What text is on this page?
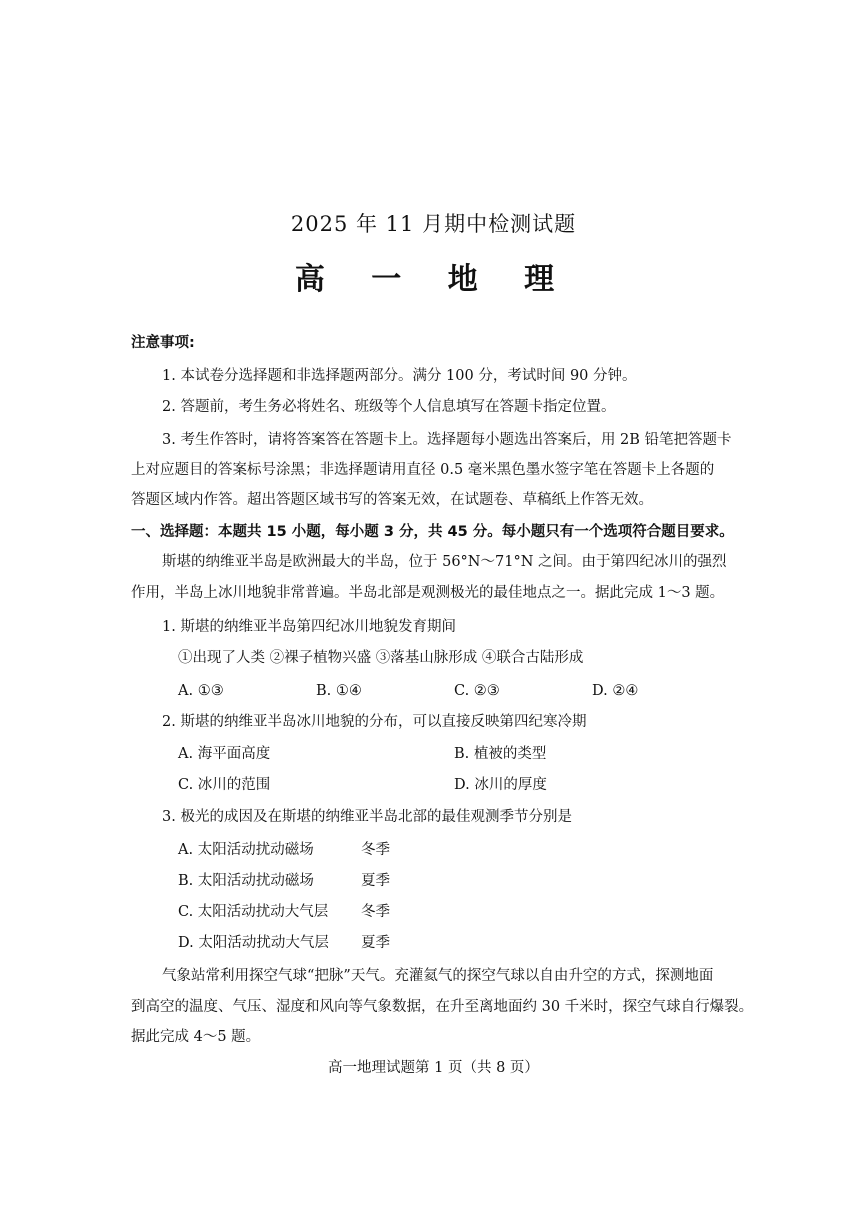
2025 年 11 月期中检测试题
高 一 地 理
注意事项:
1. 本试卷分选择题和非选择题两部分。满分 100 分，考试时间 90 分钟。
2. 答题前，考生务必将姓名、班级等个人信息填写在答题卡指定位置。
3. 考生作答时，请将答案答在答题卡上。选择题每小题选出答案后，用 2B 铅笔把答题卡
上对应题目的答案标号涂黑；非选择题请用直径 0.5 毫米黑色墨水签字笔在答题卡上各题的
答题区域内作答。超出答题区域书写的答案无效，在试题卷、草稿纸上作答无效。
一、选择题：本题共 15 小题，每小题 3 分，共 45 分。每小题只有一个选项符合题目要求。
斯堪的纳维亚半岛是欧洲最大的半岛，位于 56°N～71°N 之间。由于第四纪冰川的强烈
作用，半岛上冰川地貌非常普遍。半岛北部是观测极光的最佳地点之一。据此完成 1～3 题。
1. 斯堪的纳维亚半岛第四纪冰川地貌发育期间
①出现了人类 ②裸子植物兴盛 ③落基山脉形成 ④联合古陆形成
A. ①③	B. ①④	C. ②③	D. ②④
2. 斯堪的纳维亚半岛冰川地貌的分布，可以直接反映第四纪寒冷期
A. 海平面高度	B. 植被的类型
C. 冰川的范围	D. 冰川的厚度
3. 极光的成因及在斯堪的纳维亚半岛北部的最佳观测季节分别是
A. 太阳活动扰动磁场	冬季
B. 太阳活动扰动磁场	夏季
C. 太阳活动扰动大气层 冬季
D. 太阳活动扰动大气层 夏季
气象站常利用探空气球“把脉”天气。充灌氦气的探空气球以自由升空的方式，探测地面
到高空的温度、气压、湿度和风向等气象数据，在升至离地面约 30 千米时，探空气球自行爆裂。
据此完成 4～5 题。
高一地理试题第 1 页（共 8 页）
